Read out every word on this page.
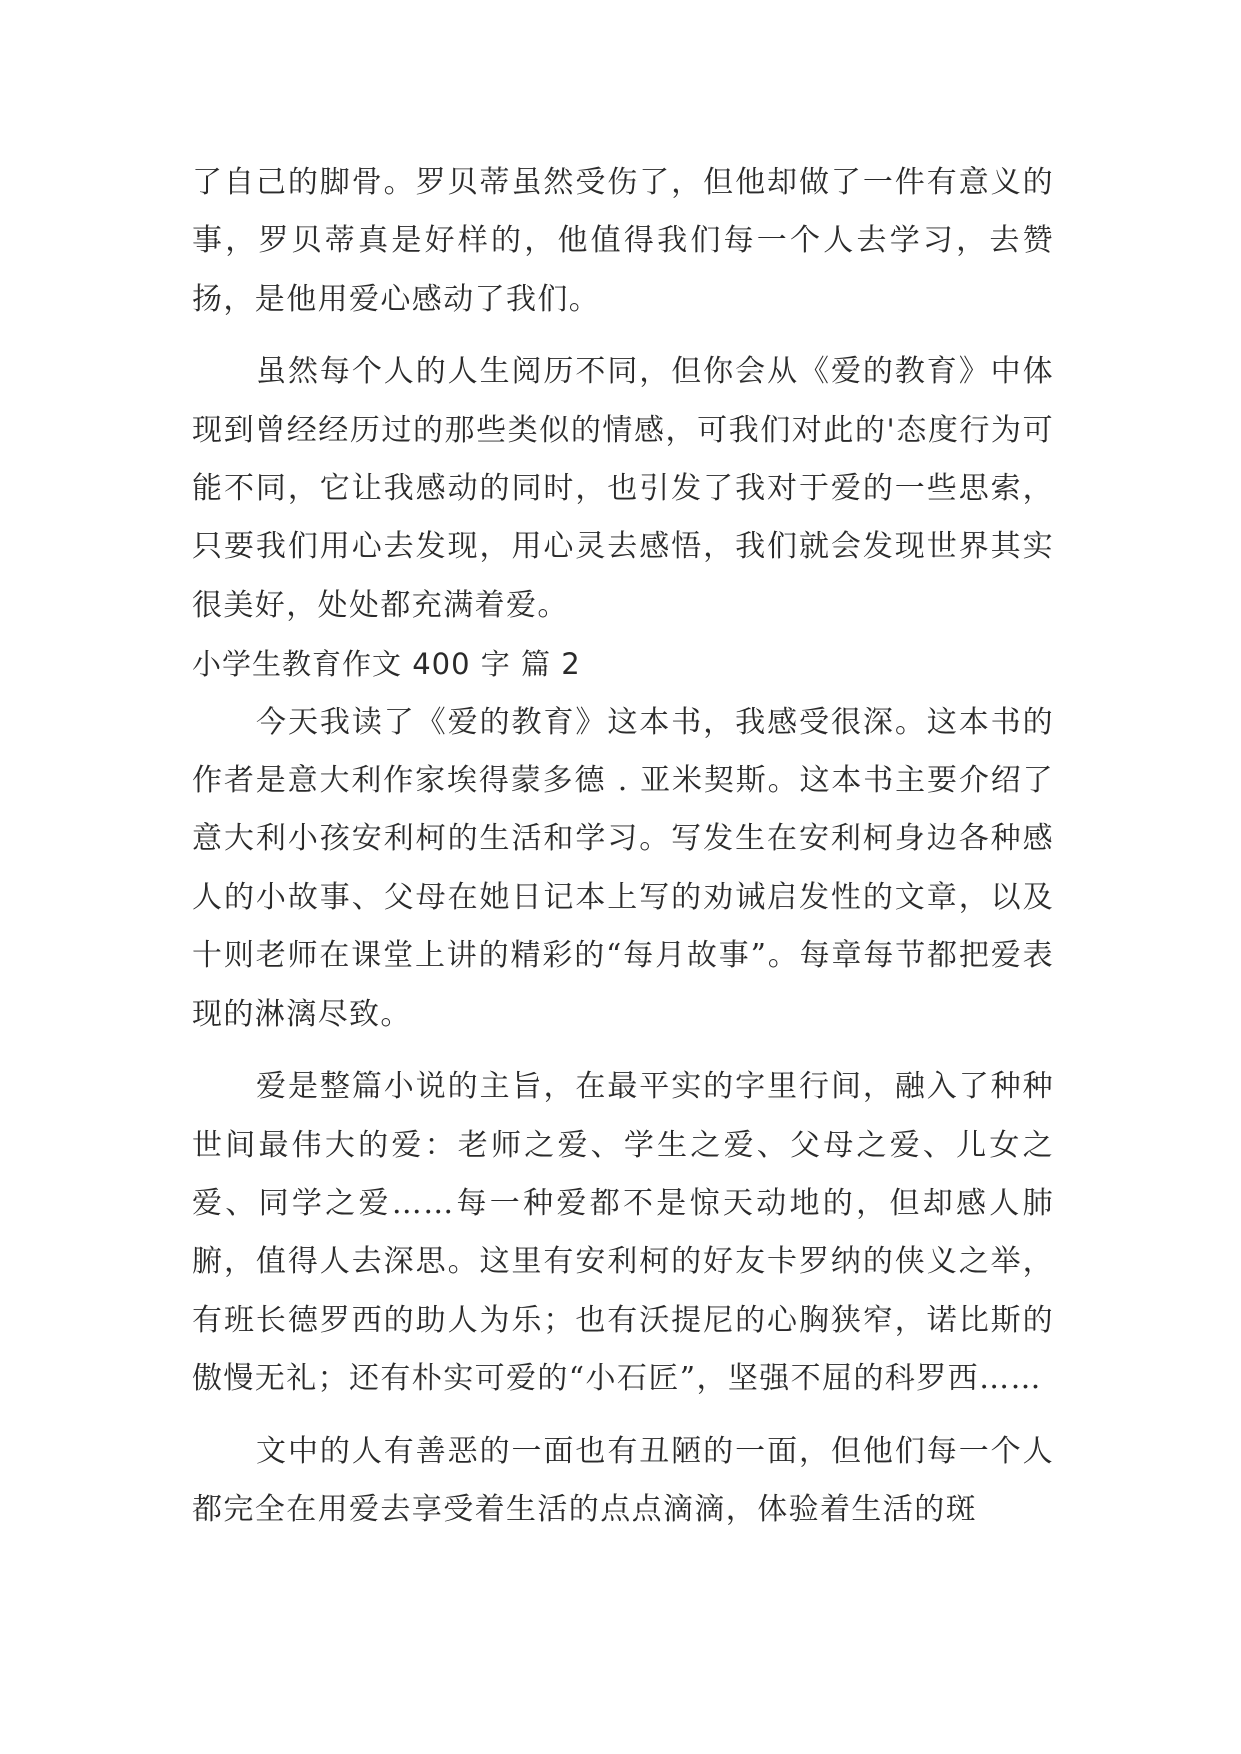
了自己的脚骨。罗贝蒂虽然受伤了，但他却做了一件有意义的事，罗贝蒂真是好样的，他值得我们每一个人去学习，去赞扬，是他用爱心感动了我们。

虽然每个人的人生阅历不同，但你会从《爱的教育》中体现到曾经经历过的那些类似的情感，可我们对此的'态度行为可能不同，它让我感动的同时，也引发了我对于爱的一些思索，只要我们用心去发现，用心灵去感悟，我们就会发现世界其实很美好，处处都充满着爱。

小学生教育作文 400 字 篇 2

今天我读了《爱的教育》这本书，我感受很深。这本书的作者是意大利作家埃得蒙多德 . 亚米契斯。这本书主要介绍了意大利小孩安利柯的生活和学习。写发生在安利柯身边各种感人的小故事、父母在她日记本上写的劝诫启发性的文章，以及十则老师在课堂上讲的精彩的“每月故事”。每章每节都把爱表现的淋漓尽致。

爱是整篇小说的主旨，在最平实的字里行间，融入了种种世间最伟大的爱：老师之爱、学生之爱、父母之爱、儿女之爱、同学之爱……每一种爱都不是惊天动地的，但却感人肺腑，值得人去深思。这里有安利柯的好友卡罗纳的侠义之举，有班长德罗西的助人为乐；也有沃提尼的心胸狭窄，诺比斯的傲慢无礼；还有朴实可爱的“小石匠”，坚强不屈的科罗西……

文中的人有善恶的一面也有丑陋的一面，但他们每一个人都完全在用爱去享受着生活的点点滴滴，体验着生活的斑
